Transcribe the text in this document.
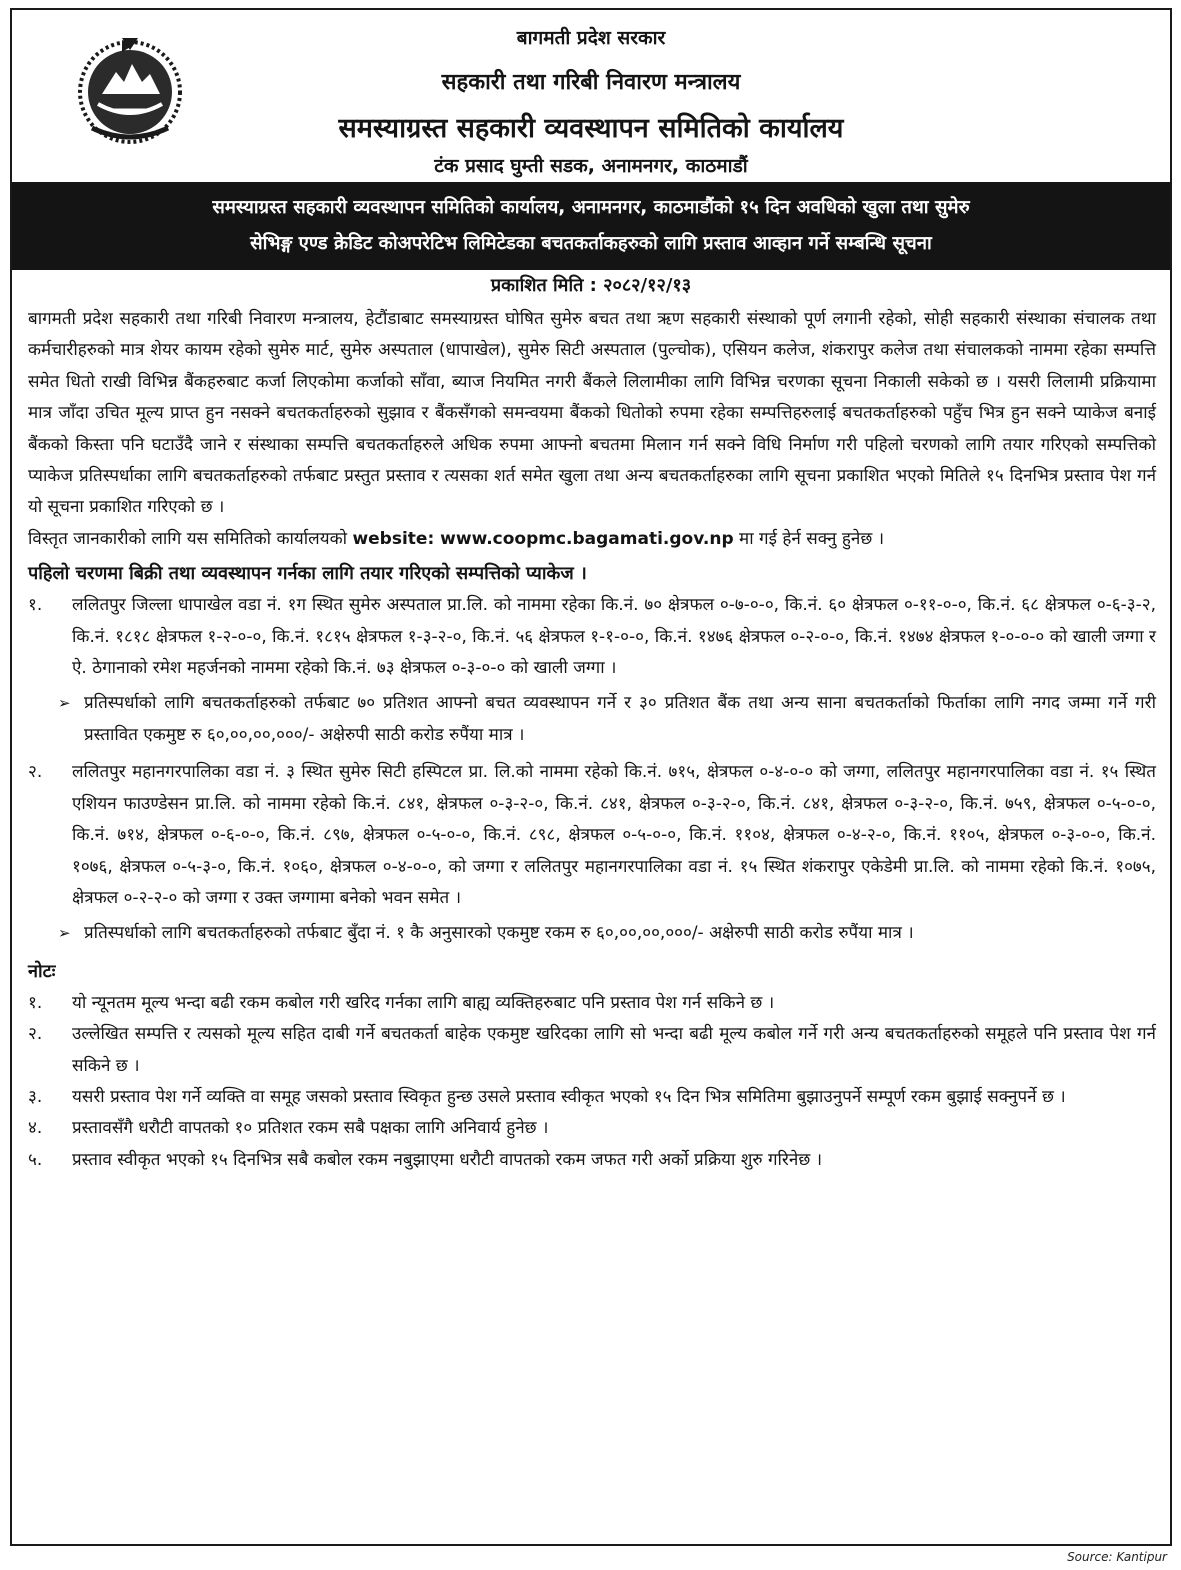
बागमती प्रदेश सरकार
सहकारी तथा गरिबी निवारण मन्त्रालय
समस्याग्रस्त सहकारी व्यवस्थापन समितिको कार्यालय
टंक प्रसाद घुम्ती सडक, अनामनगर, काठमाडौं
समस्याग्रस्त सहकारी व्यवस्थापन समितिको कार्यालय, अनामनगर, काठमाडौंको १५ दिन अवधिको खुला तथा सुमेरु
सेभिङ्ग एण्ड क्रेडिट कोअपरेटिभ लिमिटेडका बचतकर्ताकहरुको लागि प्रस्ताव आव्हान गर्ने सम्बन्धि सूचना
प्रकाशित मिति : २०८२/१२/१३

बागमती प्रदेश सहकारी तथा गरिबी निवारण मन्त्रालय, हेटौंडाबाट समस्याग्रस्त घोषित सुमेरु बचत तथा ऋण सहकारी संस्थाको पूर्ण लगानी रहेको, सोही सहकारी संस्थाका संचालक तथा कर्मचारीहरुको मात्र शेयर कायम रहेको सुमेरु मार्ट, सुमेरु अस्पताल (धापाखेल), सुमेरु सिटी अस्पताल (पुल्चोक), एसियन कलेज, शंकरापुर कलेज तथा संचालकको नाममा रहेका सम्पत्ति समेत धितो राखी विभिन्न बैंकहरुबाट कर्जा लिएकोमा कर्जाको साँवा, ब्याज नियमित नगरी बैंकले लिलामीका लागि विभिन्न चरणका सूचना निकाली सकेको छ । यसरी लिलामी प्रक्रियामा मात्र जाँदा उचित मूल्य प्राप्त हुन नसक्ने बचतकर्ताहरुको सुझाव र बैंकसँगको समन्वयमा बैंकको धितोको रुपमा रहेका सम्पत्तिहरुलाई बचतकर्ताहरुको पहुँच भित्र हुन सक्ने प्याकेज बनाई बैंकको किस्ता पनि घटाउँदै जाने र संस्थाका सम्पत्ति बचतकर्ताहरुले अधिक रुपमा आफ्नो बचतमा मिलान गर्न सक्ने विधि निर्माण गरी पहिलो चरणको लागि तयार गरिएको सम्पत्तिको प्याकेज प्रतिस्पर्धाका लागि बचतकर्ताहरुको तर्फबाट प्रस्तुत प्रस्ताव र त्यसका शर्त समेत खुला तथा अन्य बचतकर्ताहरुका लागि सूचना प्रकाशित भएको मितिले १५ दिनभित्र प्रस्ताव पेश गर्न यो सूचना प्रकाशित गरिएको छ ।

विस्तृत जानकारीको लागि यस समितिको कार्यालयको website: www.coopmc.bagamati.gov.np मा गई हेर्न सक्नु हुनेछ ।

पहिलो चरणमा बिक्री तथा व्यवस्थापन गर्नका लागि तयार गरिएको सम्पत्तिको प्याकेज ।
१.	ललितपुर जिल्ला धापाखेल वडा नं. १ग स्थित सुमेरु अस्पताल प्रा.लि. को नाममा रहेका कि.नं. ७० क्षेत्रफल ०-७-०-०, कि.नं. ६० क्षेत्रफल ०-११-०-०, कि.नं. ६८ क्षेत्रफल ०-६-३-२, कि.नं. १८१८ क्षेत्रफल १-२-०-०, कि.नं. १८१५ क्षेत्रफल १-३-२-०, कि.नं. ५६ क्षेत्रफल १-१-०-०, कि.नं. १४७६ क्षेत्रफल ०-२-०-०, कि.नं. १४७४ क्षेत्रफल १-०-०-० को खाली जग्गा र ऐ. ठेगानाको रमेश महर्जनको नाममा रहेको कि.नं. ७३ क्षेत्रफल ०-३-०-० को खाली जग्गा ।
➢ प्रतिस्पर्धाको लागि बचतकर्ताहरुको तर्फबाट ७० प्रतिशत आफ्नो बचत व्यवस्थापन गर्ने र ३० प्रतिशत बैंक तथा अन्य साना बचतकर्ताको फिर्ताका लागि नगद जम्मा गर्ने गरी प्रस्तावित एकमुष्ट रु ६०,००,००,०००/- अक्षेरुपी साठी करोड रुपैंया मात्र ।
२.	ललितपुर महानगरपालिका वडा नं. ३ स्थित सुमेरु सिटी हस्पिटल प्रा. लि.को नाममा रहेको कि.नं. ७१५, क्षेत्रफल ०-४-०-० को जग्गा, ललितपुर महानगरपालिका वडा नं. १५ स्थित एशियन फाउण्डेसन प्रा.लि. को नाममा रहेको कि.नं. ८४१, क्षेत्रफल ०-३-२-०, कि.नं. ८४१, क्षेत्रफल ०-३-२-०, कि.नं. ८४१, क्षेत्रफल ०-३-२-०, कि.नं. ७५९, क्षेत्रफल ०-५-०-०, कि.नं. ७१४, क्षेत्रफल ०-६-०-०, कि.नं. ८९७, क्षेत्रफल ०-५-०-०, कि.नं. ८९८, क्षेत्रफल ०-५-०-०, कि.नं. ११०४, क्षेत्रफल ०-४-२-०, कि.नं. ११०५, क्षेत्रफल ०-३-०-०, कि.नं. १०७६, क्षेत्रफल ०-५-३-०, कि.नं. १०६०, क्षेत्रफल ०-४-०-०, को जग्गा र ललितपुर महानगरपालिका वडा नं. १५ स्थित शंकरापुर एकेडेमी प्रा.लि. को नाममा रहेको कि.नं. १०७५, क्षेत्रफल ०-२-२-० को जग्गा र उक्त जग्गामा बनेको भवन समेत ।
➢ प्रतिस्पर्धाको लागि बचतकर्ताहरुको तर्फबाट बुँदा नं. १ कै अनुसारको एकमुष्ट रकम रु ६०,००,००,०००/- अक्षेरुपी साठी करोड रुपैंया मात्र ।
नोटः
१.	यो न्यूनतम मूल्य भन्दा बढी रकम कबोल गरी खरिद गर्नका लागि बाह्य व्यक्तिहरुबाट पनि प्रस्ताव पेश गर्न सकिने छ ।
२.	उल्लेखित सम्पत्ति र त्यसको मूल्य सहित दाबी गर्ने बचतकर्ता बाहेक एकमुष्ट खरिदका लागि सो भन्दा बढी मूल्य कबोल गर्ने गरी अन्य बचतकर्ताहरुको समूहले पनि प्रस्ताव पेश गर्न सकिने छ ।
३.	यसरी प्रस्ताव पेश गर्ने व्यक्ति वा समूह जसको प्रस्ताव स्विकृत हुन्छ उसले प्रस्ताव स्वीकृत भएको १५ दिन भित्र समितिमा बुझाउनुपर्ने सम्पूर्ण रकम बुझाई सक्नुपर्ने छ ।
४.	प्रस्तावसँगै धरौटी वापतको १० प्रतिशत रकम सबै पक्षका लागि अनिवार्य हुनेछ ।
५.	प्रस्ताव स्वीकृत भएको १५ दिनभित्र सबै कबोल रकम नबुझाएमा धरौटी वापतको रकम जफत गरी अर्को प्रक्रिया शुरु गरिनेछ ।
Source: Kantipur
